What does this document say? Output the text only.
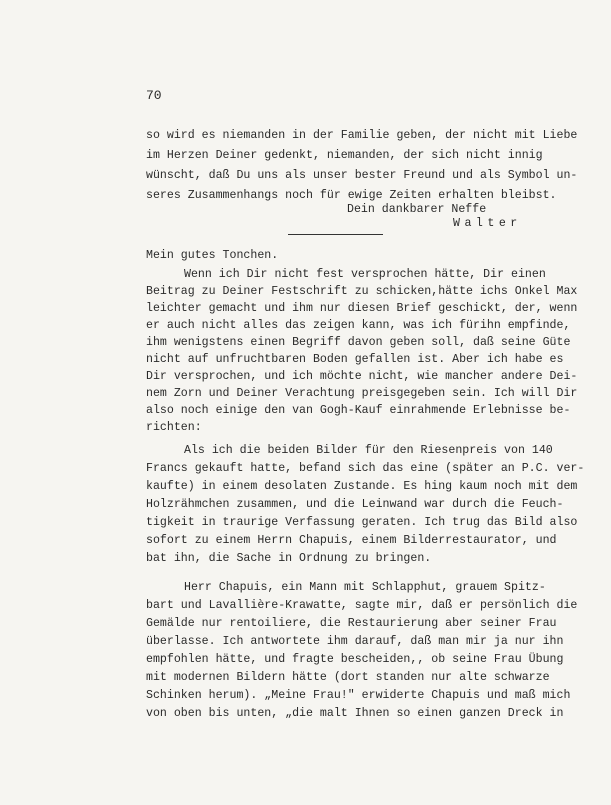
70
so wird es niemanden in der Familie geben, der nicht mit Liebe
im Herzen Deiner gedenkt, niemanden, der sich nicht innig
wünscht, daß Du uns als unser bester Freund und als Symbol un-
seres Zusammenhangs noch für ewige Zeiten erhalten bleibst.
Dein dankbarer Neffe
Walter
Mein gutes Tonchen.
Wenn ich Dir nicht fest versprochen hätte, Dir einen
Beitrag zu Deiner Festschrift zu schicken,hätte ichs Onkel Max
leichter gemacht und ihm nur diesen Brief geschickt, der, wenn
er auch nicht alles das zeigen kann, was ich fürihn empfinde,
ihm wenigstens einen Begriff davon geben soll, daß seine Güte
nicht auf unfruchtbaren Boden gefallen ist. Aber ich habe es
Dir versprochen, und ich möchte nicht, wie mancher andere Dei-
nem Zorn und Deiner Verachtung preisgegeben sein. Ich will Dir
also noch einige den van Gogh-Kauf einrahmende Erlebnisse be-
richten:
Als ich die beiden Bilder für den Riesenpreis von 140
Francs gekauft hatte, befand sich das eine (später an P.C. ver-
kaufte) in einem desolaten Zustande. Es hing kaum noch mit dem
Holzrähmchen zusammen, und die Leinwand war durch die Feuch-
tigkeit in traurige Verfassung geraten. Ich trug das Bild also
sofort zu einem Herrn Chapuis, einem Bilderrestaurator, und
bat ihn, die Sache in Ordnung zu bringen.
Herr Chapuis, ein Mann mit Schlapphut, grauem Spitz-
bart und Lavallière-Krawatte, sagte mir, daß er persönlich die
Gemälde nur rentoiliere, die Restaurierung aber seiner Frau
überlasse. Ich antwortete ihm darauf, daß man mir ja nur ihn
empfohlen hätte, und fragte bescheiden,, ob seine Frau Übung
mit modernen Bildern hätte (dort standen nur alte schwarze
Schinken herum). „Meine Frau!" erwiderte Chapuis und maß mich
von oben bis unten, „die malt Ihnen so einen ganzen Dreck in
